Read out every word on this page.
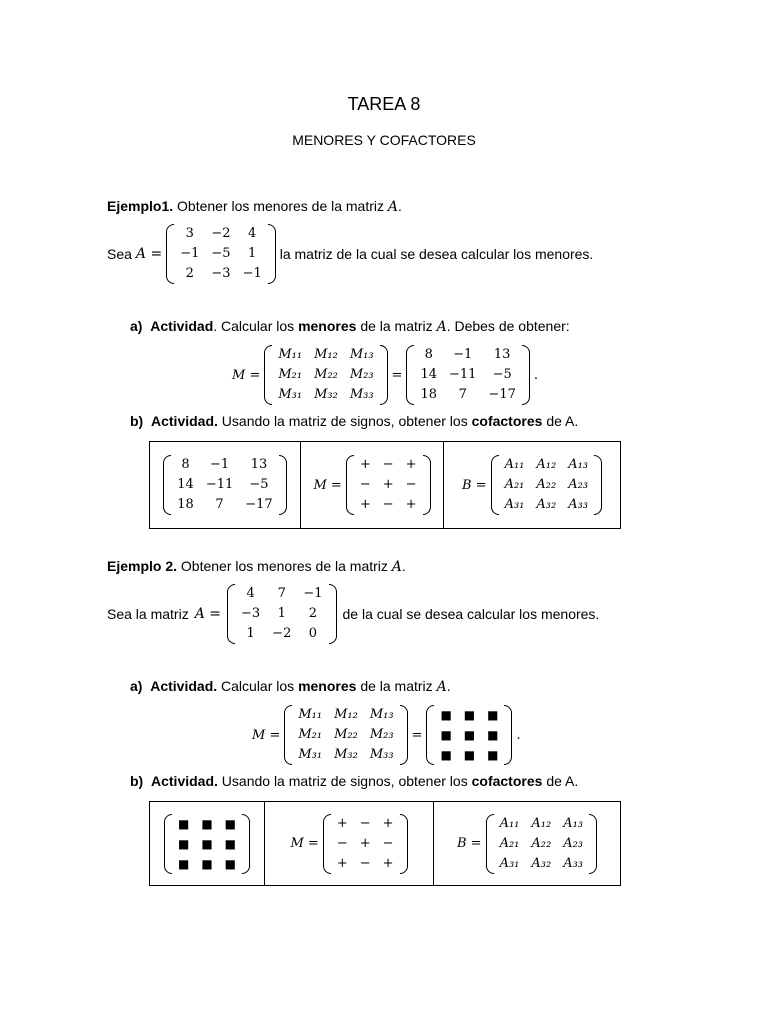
TAREA 8
MENORES Y COFACTORES
Ejemplo1. Obtener los menores de la matriz A.
Sea A =
3	−2	4
−1	−5	1
2	−3	−1
la matriz de la cual se desea calcular los menores.
a) Actividad. Calcular los menores de la matriz A. Debes de obtener:
M =
M₁₁	M₁₂	M₁₃
M₂₁	M₂₂	M₂₃
M₃₁	M₃₂	M₃₃
=
8	−1	13
14	−11	−5
18	7	−17
.
b) Actividad. Usando la matriz de signos, obtener los cofactores de A.
8	−1	13
14	−11	−5
18	7	−17
M =
+	−	+
−	+	−
+	−	+
B =
A₁₁	A₁₂	A₁₃
A₂₁	A₂₂	A₂₃
A₃₁	A₃₂	A₃₃
Ejemplo 2. Obtener los menores de la matriz A.
Sea la matriz A =
4	7	−1
−3	1	2
1	−2	0
de la cual se desea calcular los menores.
a) Actividad. Calcular los menores de la matriz A.
M =
M₁₁	M₁₂	M₁₃
M₂₁	M₂₂	M₂₃
M₃₁	M₃₂	M₃₃
=
■	■	■
■	■	■
■	■	■
.
b) Actividad. Usando la matriz de signos, obtener los cofactores de A.
■	■	■
■	■	■
■	■	■
M =
+	−	+
−	+	−
+	−	+
B =
A₁₁	A₁₂	A₁₃
A₂₁	A₂₂	A₂₃
A₃₁	A₃₂	A₃₃
